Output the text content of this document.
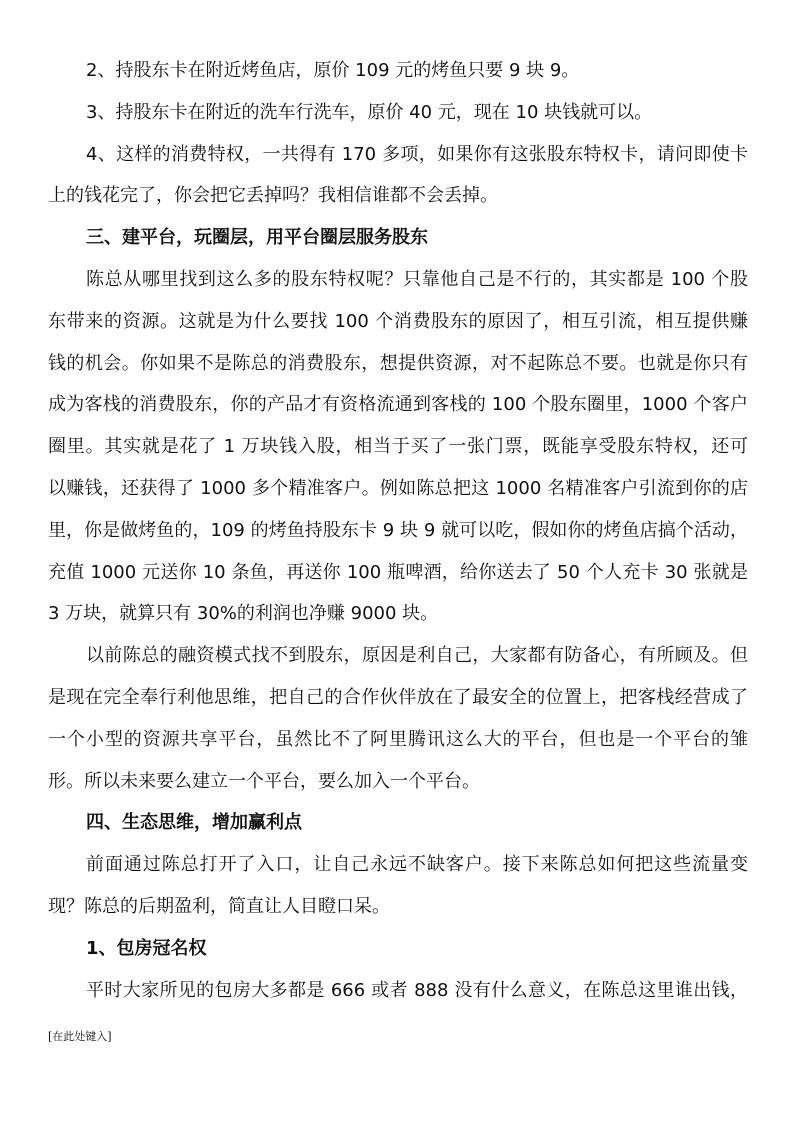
2、持股东卡在附近烤鱼店，原价 109 元的烤鱼只要 9 块 9。
3、持股东卡在附近的洗车行洗车，原价 40 元，现在 10 块钱就可以。
4、这样的消费特权，一共得有 170 多项，如果你有这张股东特权卡，请问即使卡
上的钱花完了，你会把它丢掉吗？我相信谁都不会丢掉。
三、建平台，玩圈层，用平台圈层服务股东
陈总从哪里找到这么多的股东特权呢？只靠他自己是不行的，其实都是 100 个股
东带来的资源。这就是为什么要找 100 个消费股东的原因了，相互引流，相互提供赚
钱的机会。你如果不是陈总的消费股东，想提供资源，对不起陈总不要。也就是你只有
成为客栈的消费股东，你的产品才有资格流通到客栈的 100 个股东圈里，1000 个客户
圈里。其实就是花了 1 万块钱入股，相当于买了一张门票，既能享受股东特权，还可
以赚钱，还获得了 1000 多个精准客户。例如陈总把这 1000 名精准客户引流到你的店
里，你是做烤鱼的，109 的烤鱼持股东卡 9 块 9 就可以吃，假如你的烤鱼店搞个活动，
充值 1000 元送你 10 条鱼，再送你 100 瓶啤酒，给你送去了 50 个人充卡 30 张就是
3 万块，就算只有 30%的利润也净赚 9000 块。
以前陈总的融资模式找不到股东，原因是利自己，大家都有防备心，有所顾及。但
是现在完全奉行利他思维，把自己的合作伙伴放在了最安全的位置上，把客栈经营成了
一个小型的资源共享平台，虽然比不了阿里腾讯这么大的平台，但也是一个平台的雏
形。所以未来要么建立一个平台，要么加入一个平台。
四、生态思维，增加赢利点
前面通过陈总打开了入口，让自己永远不缺客户。接下来陈总如何把这些流量变
现？陈总的后期盈利，简直让人目瞪口呆。
1、包房冠名权
平时大家所见的包房大多都是 666 或者 888 没有什么意义，在陈总这里谁出钱，
[在此处键入]
